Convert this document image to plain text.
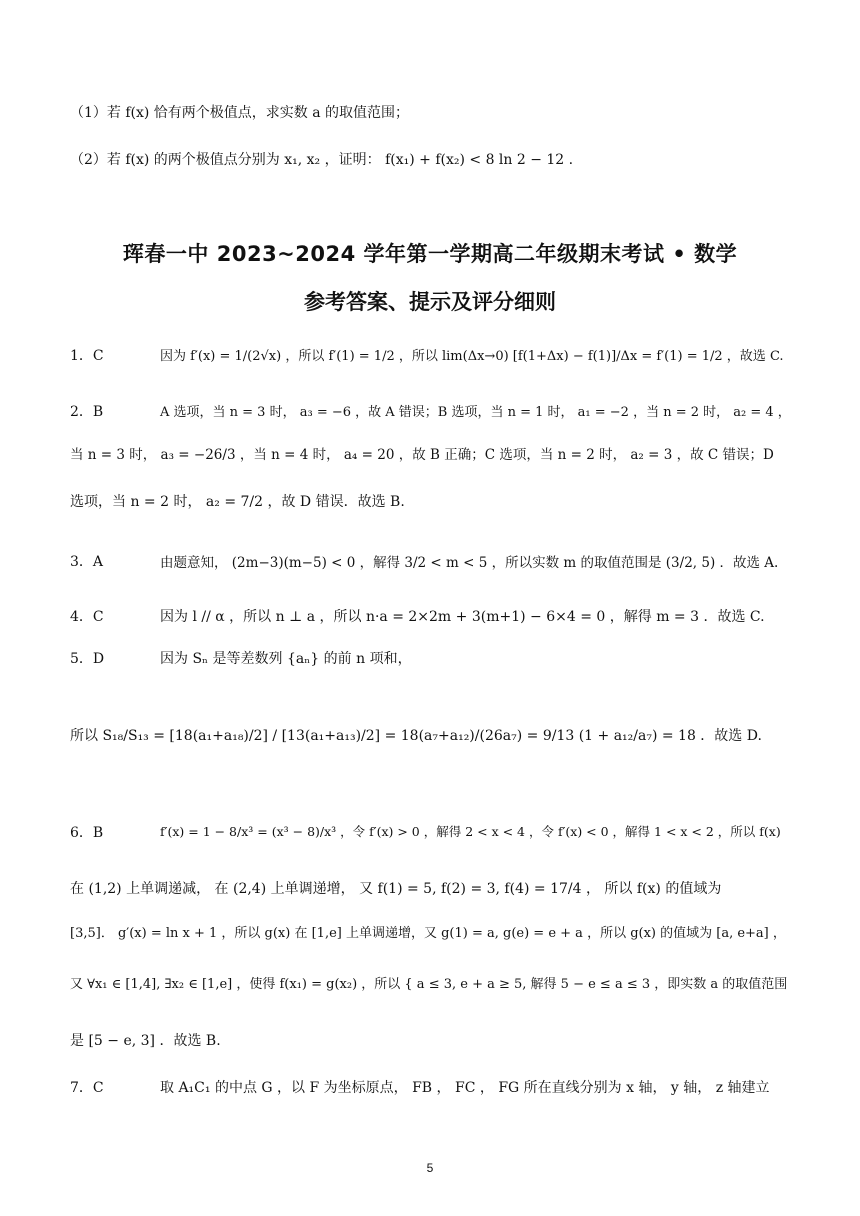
（1）若 f(x) 恰有两个极值点，求实数 a 的取值范围；
（2）若 f(x) 的两个极值点分别为 x₁, x₂ ，证明： f(x₁) + f(x₂) < 8 ln 2 − 12 .
珲春一中 2023~2024 学年第一学期高二年级期末考试 • 数学
参考答案、提示及评分细则
1．C	因为 f′(x) = 1/(2√x) ，所以 f′(1) = 1/2 ，所以 lim(Δx→0) [f(1+Δx) − f(1)]/Δx = f′(1) = 1/2 ，故选 C.
2．B	A 选项，当 n = 3 时， a₃ = −6 ，故 A 错误；B 选项，当 n = 1 时， a₁ = −2 ，当 n = 2 时， a₂ = 4 ，
当 n = 3 时， a₃ = −26/3 ，当 n = 4 时， a₄ = 20 ，故 B 正确；C 选项，当 n = 2 时， a₂ = 3 ，故 C 错误；D
选项，当 n = 2 时， a₂ = 7/2 ，故 D 错误．故选 B.
3．A	由题意知， (2m−3)(m−5) < 0 ，解得 3/2 < m < 5 ，所以实数 m 的取值范围是 (3/2, 5) ．故选 A.
4．C	因为 l // α ，所以 n ⊥ a ，所以 n·a = 2×2m + 3(m+1) − 6×4 = 0 ，解得 m = 3 ．故选 C.
5．D	因为 Sₙ 是等差数列 {aₙ} 的前 n 项和，
所以 S₁₈/S₁₃ = [18(a₁+a₁₈)/2] / [13(a₁+a₁₃)/2] = 18(a₇+a₁₂)/(26a₇) = 9/13 (1 + a₁₂/a₇) = 18 ．故选 D.
6．B	f′(x) = 1 − 8/x³ = (x³ − 8)/x³ ，令 f′(x) > 0 ，解得 2 < x < 4 ，令 f′(x) < 0 ，解得 1 < x < 2 ，所以 f(x)
在 (1,2) 上单调递减， 在 (2,4) 上单调递增， 又 f(1) = 5, f(2) = 3, f(4) = 17/4 ， 所以 f(x) 的值域为
[3,5]． g′(x) = ln x + 1 ，所以 g(x) 在 [1,e] 上单调递增，又 g(1) = a, g(e) = e + a ，所以 g(x) 的值域为 [a, e+a] ，
又 ∀x₁ ∈ [1,4], ∃x₂ ∈ [1,e] ，使得 f(x₁) = g(x₂) ，所以 { a ≤ 3, e + a ≥ 5, 解得 5 − e ≤ a ≤ 3 ，即实数 a 的取值范围
是 [5 − e, 3] ．故选 B.
7．C	取 A₁C₁ 的中点 G ，以 F 为坐标原点， FB ， FC ， FG 所在直线分别为 x 轴， y 轴， z 轴建立
5
